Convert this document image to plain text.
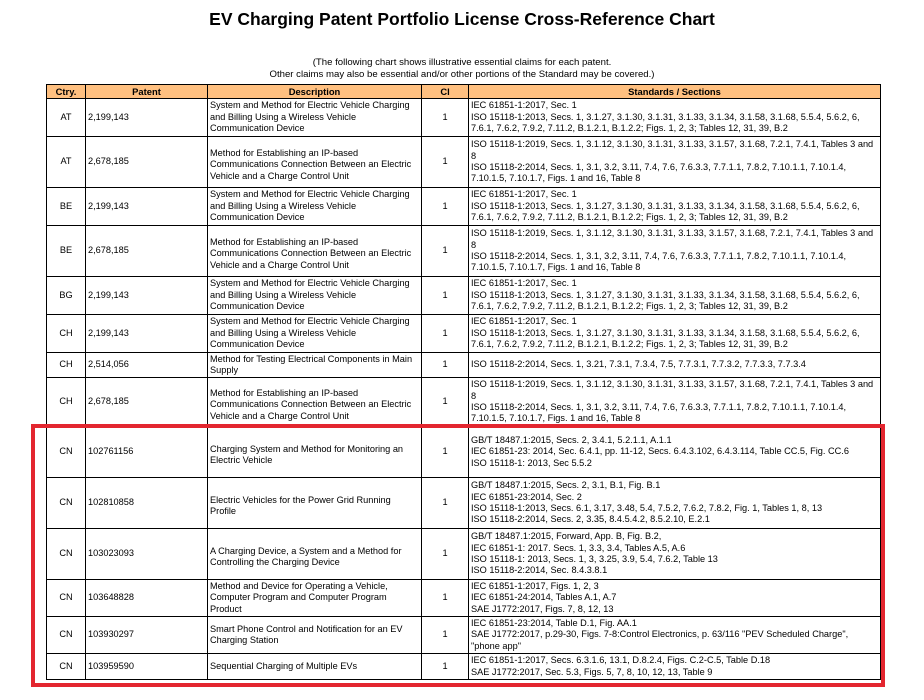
EV Charging Patent Portfolio License Cross-Reference Chart
(The following chart shows illustrative essential claims for each patent.
Other claims may also be essential and/or other portions of the Standard may be covered.)
Ctry.	Patent	Description	Cl	Standards / Sections
AT	2,199,143	System and Method for Electric Vehicle Charging and Billing Using a Wireless Vehicle Communication Device	1	IEC 61851-1:2017, Sec. 1
ISO 15118-1:2013, Secs. 1, 3.1.27, 3.1.30, 3.1.31, 3.1.33, 3.1.34, 3.1.58, 3.1.68, 5.5.4, 5.6.2, 6, 7.6.1, 7.6.2, 7.9.2, 7.11.2, B.1.2.1, B.1.2.2; Figs. 1, 2, 3; Tables 12, 31, 39, B.2

AT	2,678,185	Method for Establishing an IP-based Communications Connection Between an Electric Vehicle and a Charge Control Unit	1	ISO 15118-1:2019, Secs. 1, 3.1.12, 3.1.30, 3.1.31, 3.1.33, 3.1.57, 3.1.68, 7.2.1, 7.4.1, Tables 3 and 8
ISO 15118-2:2014, Secs. 1, 3.1, 3.2, 3.11, 7.4, 7.6, 7.6.3.3, 7.7.1.1, 7.8.2, 7.10.1.1, 7.10.1.4, 7.10.1.5, 7.10.1.7, Figs. 1 and 16, Table 8

BE	2,199,143	System and Method for Electric Vehicle Charging and Billing Using a Wireless Vehicle Communication Device	1	IEC 61851-1:2017, Sec. 1
ISO 15118-1:2013, Secs. 1, 3.1.27, 3.1.30, 3.1.31, 3.1.33, 3.1.34, 3.1.58, 3.1.68, 5.5.4, 5.6.2, 6, 7.6.1, 7.6.2, 7.9.2, 7.11.2, B.1.2.1, B.1.2.2; Figs. 1, 2, 3; Tables 12, 31, 39, B.2

BE	2,678,185	Method for Establishing an IP-based Communications Connection Between an Electric Vehicle and a Charge Control Unit	1	ISO 15118-1:2019, Secs. 1, 3.1.12, 3.1.30, 3.1.31, 3.1.33, 3.1.57, 3.1.68, 7.2.1, 7.4.1, Tables 3 and 8
ISO 15118-2:2014, Secs. 1, 3.1, 3.2, 3.11, 7.4, 7.6, 7.6.3.3, 7.7.1.1, 7.8.2, 7.10.1.1, 7.10.1.4, 7.10.1.5, 7.10.1.7, Figs. 1 and 16, Table 8

BG	2,199,143	System and Method for Electric Vehicle Charging and Billing Using a Wireless Vehicle Communication Device	1	IEC 61851-1:2017, Sec. 1
ISO 15118-1:2013, Secs. 1, 3.1.27, 3.1.30, 3.1.31, 3.1.33, 3.1.34, 3.1.58, 3.1.68, 5.5.4, 5.6.2, 6, 7.6.1, 7.6.2, 7.9.2, 7.11.2, B.1.2.1, B.1.2.2; Figs. 1, 2, 3; Tables 12, 31, 39, B.2

CH	2,199,143	System and Method for Electric Vehicle Charging and Billing Using a Wireless Vehicle Communication Device	1	IEC 61851-1:2017, Sec. 1
ISO 15118-1:2013, Secs. 1, 3.1.27, 3.1.30, 3.1.31, 3.1.33, 3.1.34, 3.1.58, 3.1.68, 5.5.4, 5.6.2, 6, 7.6.1, 7.6.2, 7.9.2, 7.11.2, B.1.2.1, B.1.2.2; Figs. 1, 2, 3; Tables 12, 31, 39, B.2

CH	2,514,056	Method for Testing Electrical Components in Main Supply	1	ISO 15118-2:2014, Secs. 1, 3.21, 7.3.1, 7.3.4, 7.5, 7.7.3.1, 7.7.3.2, 7.7.3.3, 7.7.3.4

CH	2,678,185	Method for Establishing an IP-based Communications Connection Between an Electric Vehicle and a Charge Control Unit	1	ISO 15118-1:2019, Secs. 1, 3.1.12, 3.1.30, 3.1.31, 3.1.33, 3.1.57, 3.1.68, 7.2.1, 7.4.1, Tables 3 and 8
ISO 15118-2:2014, Secs. 1, 3.1, 3.2, 3.11, 7.4, 7.6, 7.6.3.3, 7.7.1.1, 7.8.2, 7.10.1.1, 7.10.1.4, 7.10.1.5, 7.10.1.7, Figs. 1 and 16, Table 8

CN	102761156	Charging System and Method for Monitoring an Electric Vehicle	1	GB/T 18487.1:2015, Secs. 2, 3.4.1, 5.2.1.1, A.1.1
IEC 61851-23: 2014, Sec. 6.4.1, pp. 11-12, Secs. 6.4.3.102, 6.4.3.114, Table CC.5, Fig. CC.6
ISO 15118-1: 2013, Sec 5.5.2

CN	102810858	Electric Vehicles for the Power Grid Running Profile	1	GB/T 18487.1:2015, Secs. 2, 3.1, B.1, Fig. B.1
IEC 61851-23:2014, Sec. 2
ISO 15118-1:2013, Secs. 6.1, 3.17, 3.48, 5.4, 7.5.2, 7.6.2, 7.8.2, Fig. 1, Tables 1, 8, 13
ISO 15118-2:2014, Secs. 2, 3.35, 8.4.5.4.2, 8.5.2.10, E.2.1

CN	103023093	A Charging Device, a System and a Method for Controlling the Charging Device	1	GB/T 18487.1:2015, Forward, App. B, Fig. B.2,
IEC 61851-1: 2017. Secs. 1, 3.3, 3.4, Tables A.5, A.6
ISO 15118-1: 2013, Secs. 1, 3, 3.25, 3.9, 5.4, 7.6.2, Table 13
ISO 15118-2:2014, Sec. 8.4.3.8.1

CN	103648828	Method and Device for Operating a Vehicle, Computer Program and Computer Program Product	1	IEC 61851-1:2017, Figs. 1, 2, 3
IEC 61851-24:2014, Tables A.1, A.7
SAE J1772:2017, Figs. 7, 8, 12, 13

CN	103930297	Smart Phone Control and Notification for an EV Charging Station	1	IEC 61851-23:2014, Table D.1, Fig. AA.1
SAE J1772:2017, p.29-30, Figs. 7-8:Control Electronics, p. 63/116 "PEV Scheduled Charge", "phone app"

CN	103959590	Sequential Charging of Multiple EVs	1	IEC 61851-1:2017, Secs. 6.3.1.6, 13.1, D.8.2.4, Figs. C.2-C.5, Table D.18
SAE J1772:2017, Sec. 5.3, Figs. 5, 7, 8, 10, 12, 13, Table 9
